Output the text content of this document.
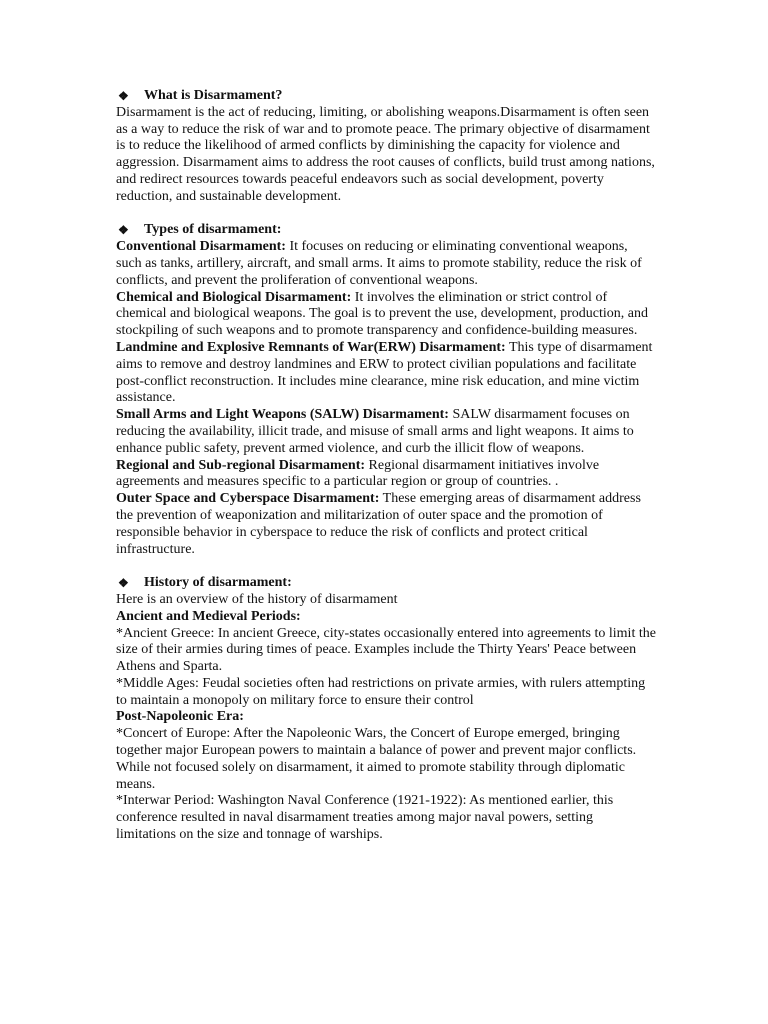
❖ What is Disarmament?

Disarmament is the act of reducing, limiting, or abolishing weapons.Disarmament is often seen as a way to reduce the risk of war and to promote peace. The primary objective of disarmament is to reduce the likelihood of armed conflicts by diminishing the capacity for violence and aggression. Disarmament aims to address the root causes of conflicts, build trust among nations, and redirect resources towards peaceful endeavors such as social development, poverty reduction, and sustainable development.

❖ Types of disarmament:

Conventional Disarmament: It focuses on reducing or eliminating conventional weapons, such as tanks, artillery, aircraft, and small arms. It aims to promote stability, reduce the risk of conflicts, and prevent the proliferation of conventional weapons.

Chemical and Biological Disarmament: It involves the elimination or strict control of chemical and biological weapons. The goal is to prevent the use, development, production, and stockpiling of such weapons and to promote transparency and confidence-building measures.

Landmine and Explosive Remnants of War(ERW) Disarmament: This type of disarmament aims to remove and destroy landmines and ERW to protect civilian populations and facilitate post-conflict reconstruction. It includes mine clearance, mine risk education, and mine victim assistance.

Small Arms and Light Weapons (SALW) Disarmament: SALW disarmament focuses on reducing the availability, illicit trade, and misuse of small arms and light weapons. It aims to enhance public safety, prevent armed violence, and curb the illicit flow of weapons.

Regional and Sub-regional Disarmament: Regional disarmament initiatives involve agreements and measures specific to a particular region or group of countries. .

Outer Space and Cyberspace Disarmament: These emerging areas of disarmament address the prevention of weaponization and militarization of outer space and the promotion of responsible behavior in cyberspace to reduce the risk of conflicts and protect critical infrastructure.

❖ History of disarmament:

Here is an overview of the history of disarmament

Ancient and Medieval Periods:

*Ancient Greece: In ancient Greece, city-states occasionally entered into agreements to limit the size of their armies during times of peace. Examples include the Thirty Years' Peace between Athens and Sparta.

*Middle Ages: Feudal societies often had restrictions on private armies, with rulers attempting to maintain a monopoly on military force to ensure their control

Post-Napoleonic Era:

*Concert of Europe: After the Napoleonic Wars, the Concert of Europe emerged, bringing together major European powers to maintain a balance of power and prevent major conflicts. While not focused solely on disarmament, it aimed to promote stability through diplomatic means.

*Interwar Period: Washington Naval Conference (1921-1922): As mentioned earlier, this conference resulted in naval disarmament treaties among major naval powers, setting limitations on the size and tonnage of warships.
